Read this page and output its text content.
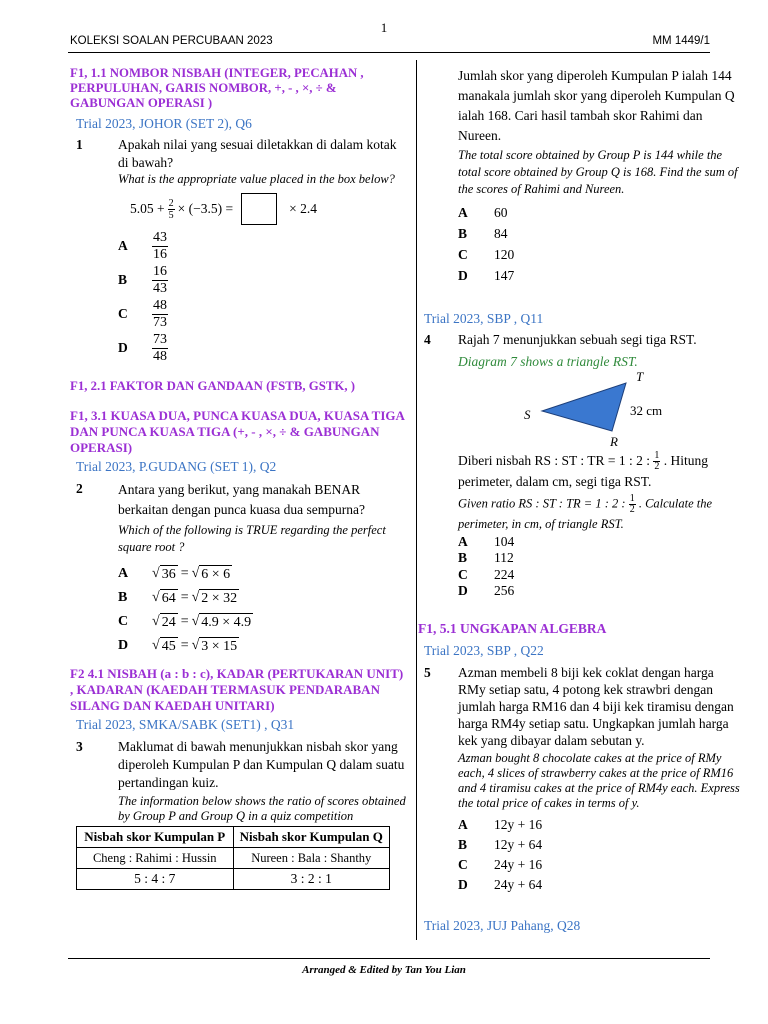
1
KOLEKSI SOALAN PERCUBAAN 2023	MM 1449/1
F1, 1.1 NOMBOR NISBAH (INTEGER, PECAHAN , PERPULUHAN, GARIS NOMBOR, +, - , ×, ÷ & GABUNGAN OPERASI )
Trial 2023, JOHOR (SET 2), Q6
1	Apakah nilai yang sesuai diletakkan di dalam kotak di bawah?
What is the appropriate value placed in the box below?
$5.05 + \frac{2}{5} \times (-3.5)$ =	× 2.4
A	$\frac{43}{16}$
B	$\frac{16}{43}$
C	$\frac{48}{73}$
D	$\frac{73}{48}$
F1, 2.1 FAKTOR DAN GANDAAN (FSTB, GSTK, )
F1, 3.1 KUASA DUA, PUNCA KUASA DUA, KUASA TIGA DAN PUNCA KUASA TIGA (+, - , ×, ÷ & GABUNGAN OPERASI)
Trial 2023, P.GUDANG (SET 1), Q2
2	Antara yang berikut, yang manakah BENAR berkaitan dengan punca kuasa dua sempurna?
Which of the following is TRUE regarding the perfect square root ?
A	√ 36 = √ 6 × 6
B	√ 64 = √ 2 × 32
C	√ 24 = √ 4.9 × 4.9
D	√ 45 = √ 3 × 15
F2 4.1 NISBAH (a : b : c), KADAR (PERTUKARAN UNIT) , KADARAN (KAEDAH TERMASUK PENDARABAN SILANG DAN KAEDAH UNITARI)
Trial 2023, SMKA/SABK (SET1) , Q31
3	Maklumat di bawah menunjukkan nisbah skor yang diperoleh Kumpulan P dan Kumpulan Q dalam suatu pertandingan kuiz.
The information below shows the ratio of scores obtained by Group P and Group Q in a quiz competition
Nisbah skor Kumpulan P	Nisbah skor Kumpulan Q
Cheng : Rahimi : Hussin	Nureen : Bala : Shanthy
5 : 4 : 7	3 : 2 : 1
Jumlah skor yang diperoleh Kumpulan P ialah 144 manakala jumlah skor yang diperoleh Kumpulan Q ialah 168. Cari hasil tambah skor Rahimi dan Nureen.
The total score obtained by Group P is 144 while the total score obtained by Group Q is 168. Find the sum of the scores of Rahimi and Nureen.
A	60
B	84
C	120
D	147
Trial 2023, SBP , Q11
4	Rajah 7 menunjukkan sebuah segi tiga RST.
Diagram 7 shows a triangle RST.
T
S
R
32 cm
Diberi nisbah RS : ST : TR = 1 : 2 : $\frac{1}{2}$ . Hitung perimeter, dalam cm, segi tiga RST.
Given ratio RS : ST : TR = 1 : 2 : $\frac{1}{2}$ . Calculate the perimeter, in cm, of triangle RST.
A	104
B	112
C	224
D	256
F1, 5.1 UNGKAPAN ALGEBRA
Trial 2023, SBP , Q22
5	Azman membeli 8 biji kek coklat dengan harga RMy setiap satu, 4 potong kek strawbri dengan jumlah harga RM16 dan 4 biji kek tiramisu dengan harga RM4y setiap satu. Ungkapkan jumlah harga kek yang dibayar dalam sebutan y.
Azman bought 8 chocolate cakes at the price of RMy each, 4 slices of strawberry cakes at the price of RM16 and 4 tiramisu cakes at the price of RM4y each. Express the total price of cakes in terms of y.
A	12y + 16
B	12y + 64
C	24y + 16
D	24y + 64
Trial 2023, JUJ Pahang, Q28
Arranged & Edited by Tan You Lian
